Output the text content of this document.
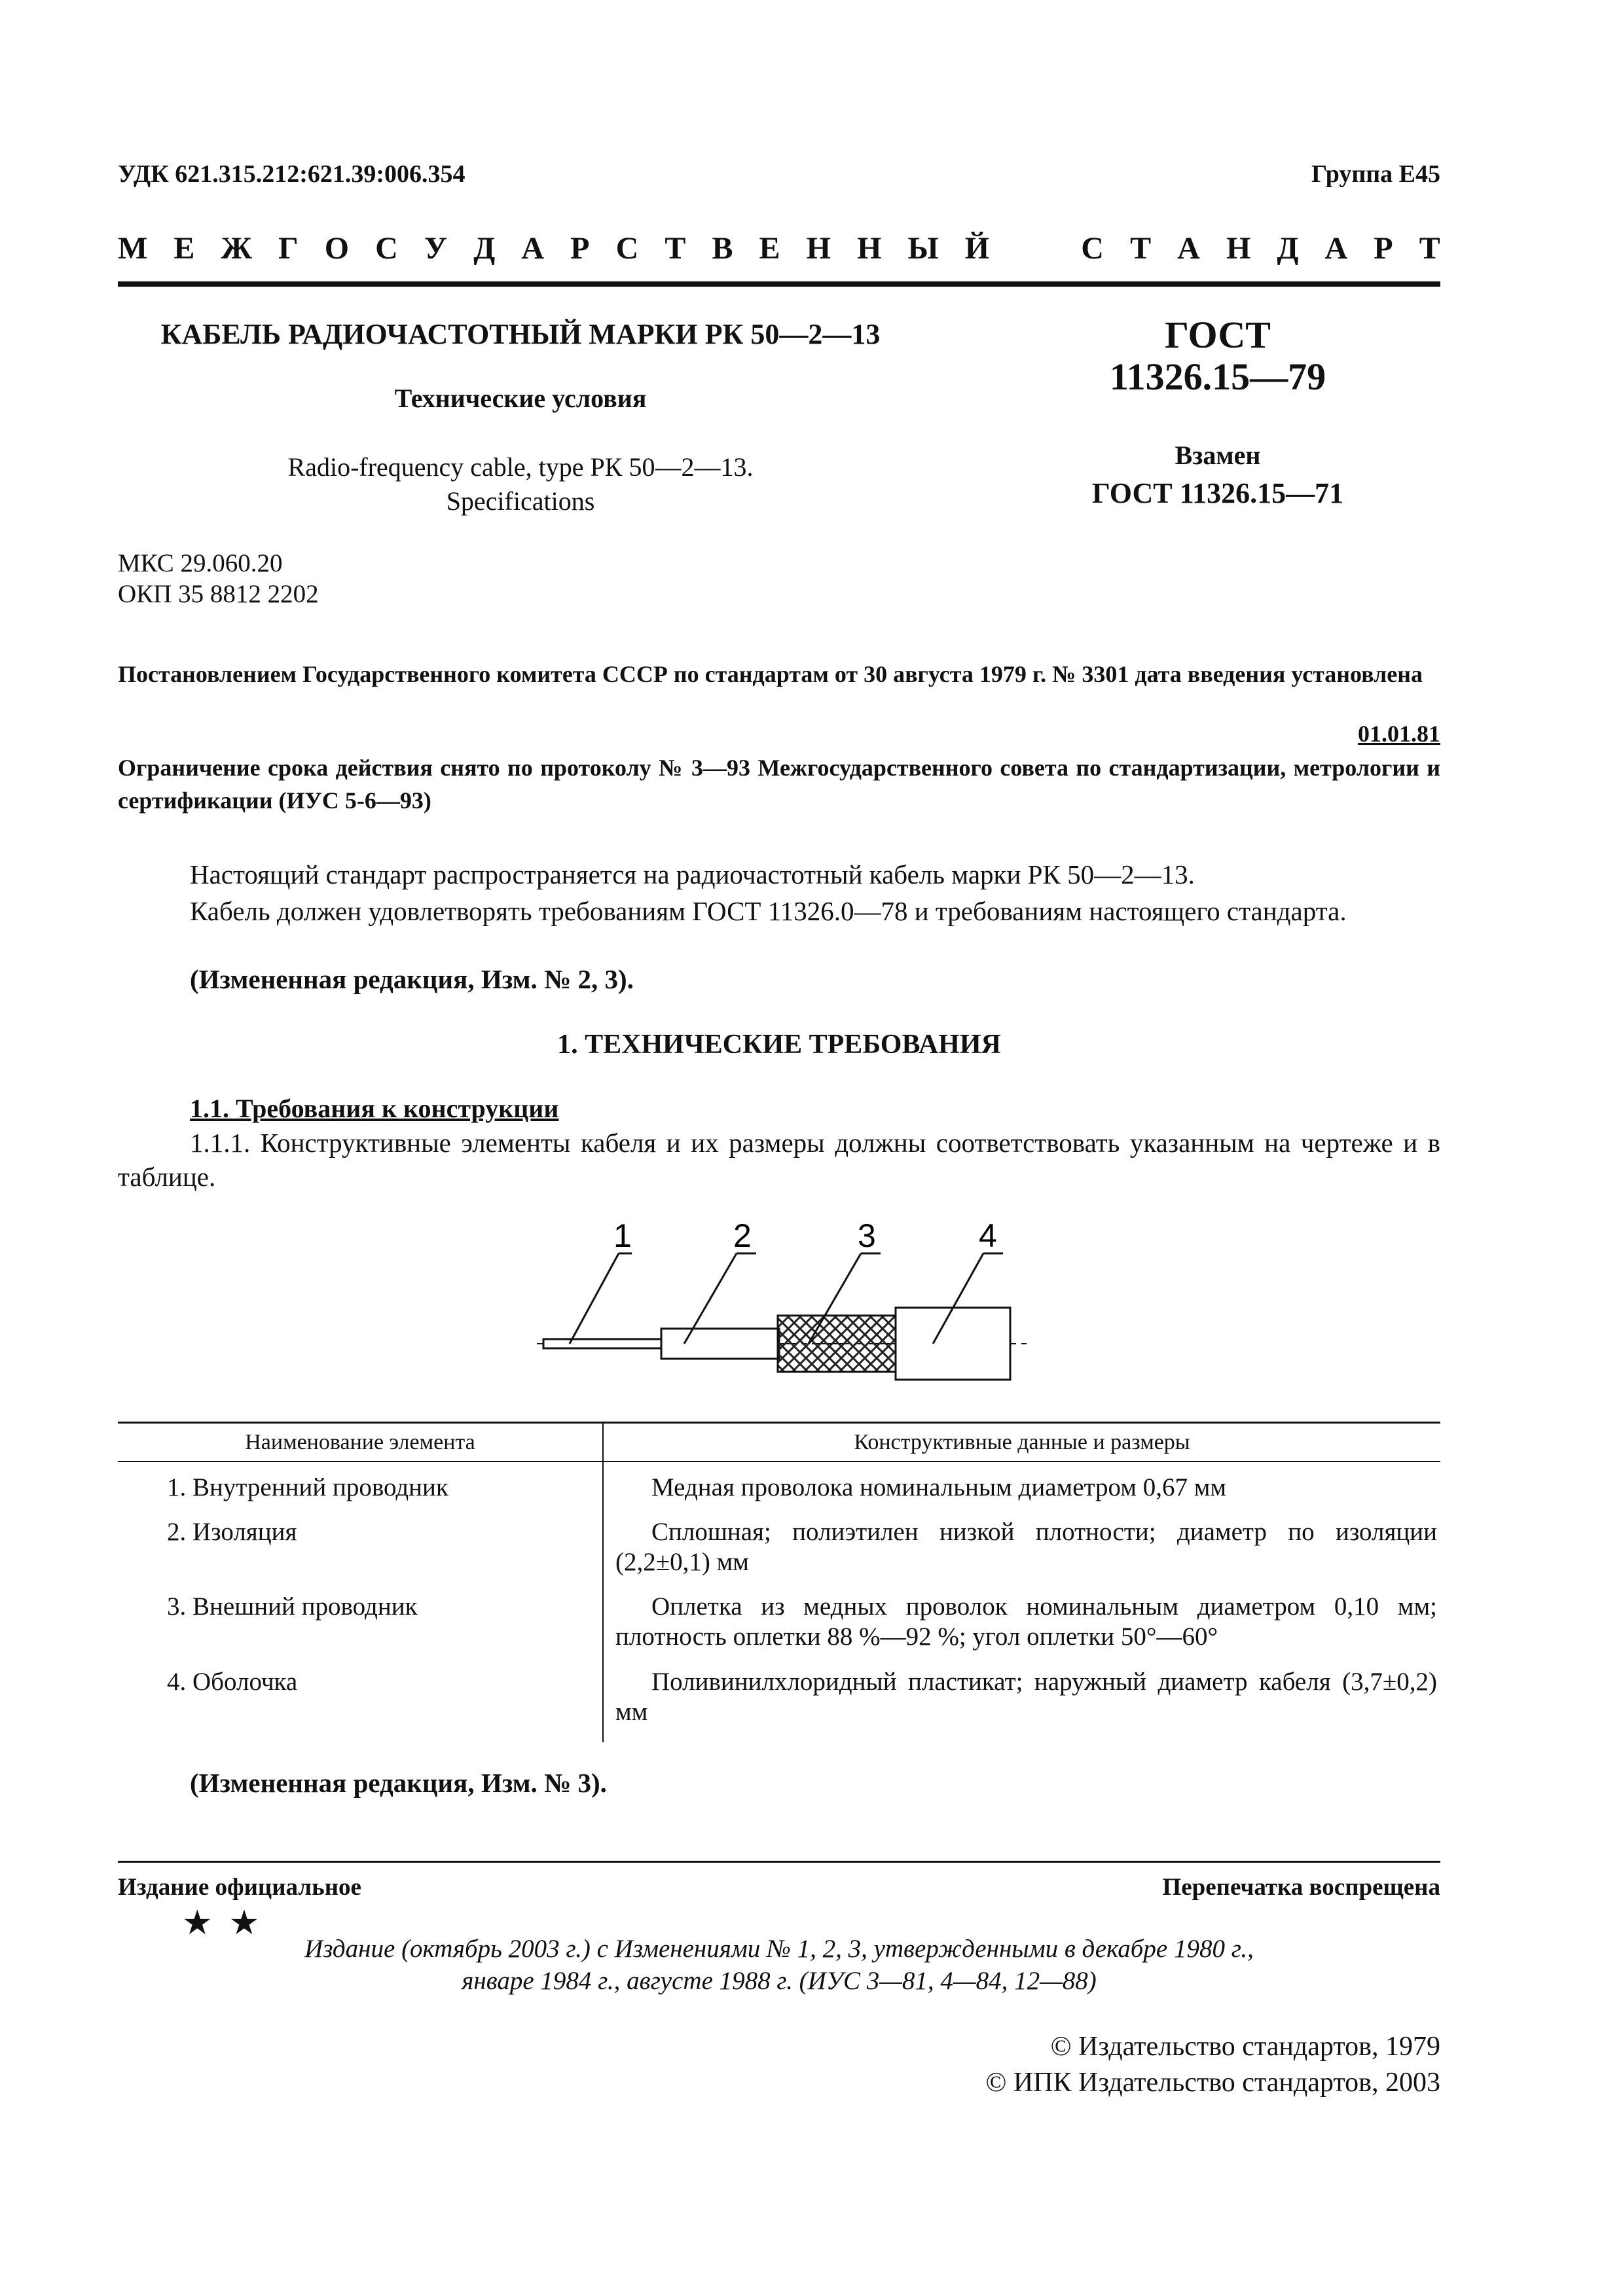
УДК 621.315.212:621.39:006.354	Группа Е45
М Е Ж Г О С У Д А Р С Т В Е Н Н Ы Й	С Т А Н Д А Р Т
КАБЕЛЬ РАДИОЧАСТОТНЫЙ МАРКИ РК 50—2—13
Технические условия
Radio-frequency cable, type РК 50—2—13.
Specifications
ГОСТ
11326.15—79
Взамен
ГОСТ 11326.15—71
МКС 29.060.20
ОКП 35 8812 2202
Постановлением Государственного комитета СССР по стандартам от 30 августа 1979 г. № 3301 дата введения установлена
01.01.81
Ограничение срока действия снято по протоколу № 3—93 Межгосударственного совета по стандартизации, метрологии и сертификации (ИУС 5-6—93)
Настоящий стандарт распространяется на радиочастотный кабель марки РК 50—2—13.
Кабель должен удовлетворять требованиям ГОСТ 11326.0—78 и требованиям настоящего стандарта.
(Измененная редакция, Изм. № 2, 3).
1. ТЕХНИЧЕСКИЕ ТРЕБОВАНИЯ
1.1. Требования к конструкции
1.1.1. Конструктивные элементы кабеля и их размеры должны соответствовать указанным на чертеже и в таблице.
1	2	3	4
Наименование элемента	Конструктивные данные и размеры
1. Внутренний проводник	Медная проволока номинальным диаметром 0,67 мм
2. Изоляция	Сплошная; полиэтилен низкой плотности; диаметр по изоляции (2,2±0,1) мм
3. Внешний проводник	Оплетка из медных проволок номинальным диаметром 0,10 мм; плотность оплетки 88 %—92 %; угол оплетки 50°—60°
4. Оболочка	Поливинилхлоридный пластикат; наружный диаметр кабеля (3,7±0,2) мм
(Измененная редакция, Изм. № 3).
Издание официальное	Перепечатка воспрещена
★ ★
Издание (октябрь 2003 г.) с Изменениями № 1, 2, 3, утвержденными в декабре 1980 г.,
январе 1984 г., августе 1988 г. (ИУС 3—81, 4—84, 12—88)
© Издательство стандартов, 1979
© ИПК Издательство стандартов, 2003
